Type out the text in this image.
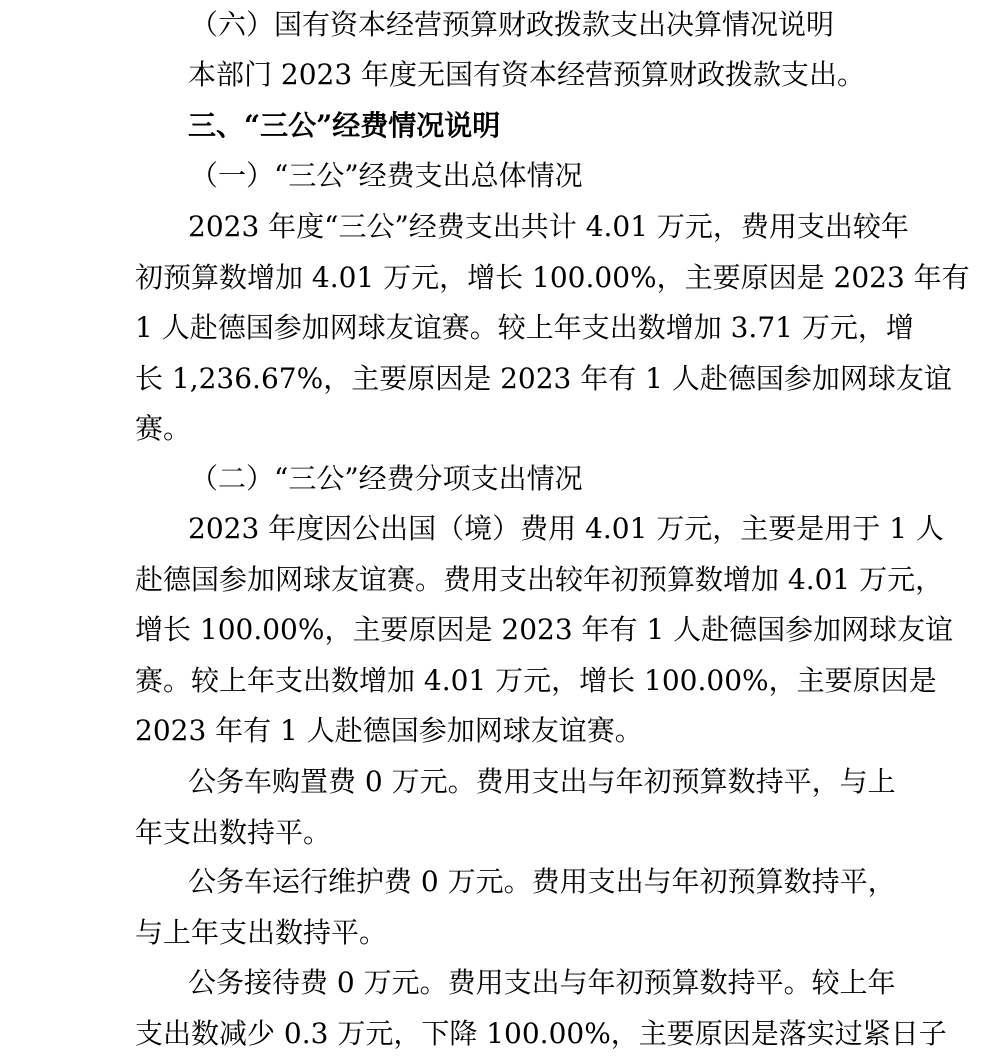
（六）国有资本经营预算财政拨款支出决算情况说明
本部门 2023 年度无国有资本经营预算财政拨款支出。
三、“三公”经费情况说明
（一）“三公”经费支出总体情况
2023 年度“三公”经费支出共计 4.01 万元，费用支出较年
初预算数增加 4.01 万元，增长 100.00%，主要原因是 2023 年有
1 人赴德国参加网球友谊赛。较上年支出数增加 3.71 万元，增
长 1,236.67%，主要原因是 2023 年有 1 人赴德国参加网球友谊
赛。
（二）“三公”经费分项支出情况
2023 年度因公出国（境）费用 4.01 万元，主要是用于 1 人
赴德国参加网球友谊赛。费用支出较年初预算数增加 4.01 万元，
增长 100.00%，主要原因是 2023 年有 1 人赴德国参加网球友谊
赛。较上年支出数增加 4.01 万元，增长 100.00%，主要原因是
2023 年有 1 人赴德国参加网球友谊赛。
公务车购置费 0 万元。费用支出与年初预算数持平，与上
年支出数持平。
公务车运行维护费 0 万元。费用支出与年初预算数持平，
与上年支出数持平。
公务接待费 0 万元。费用支出与年初预算数持平。较上年
支出数减少 0.3 万元，下降 100.00%，主要原因是落实过紧日子
